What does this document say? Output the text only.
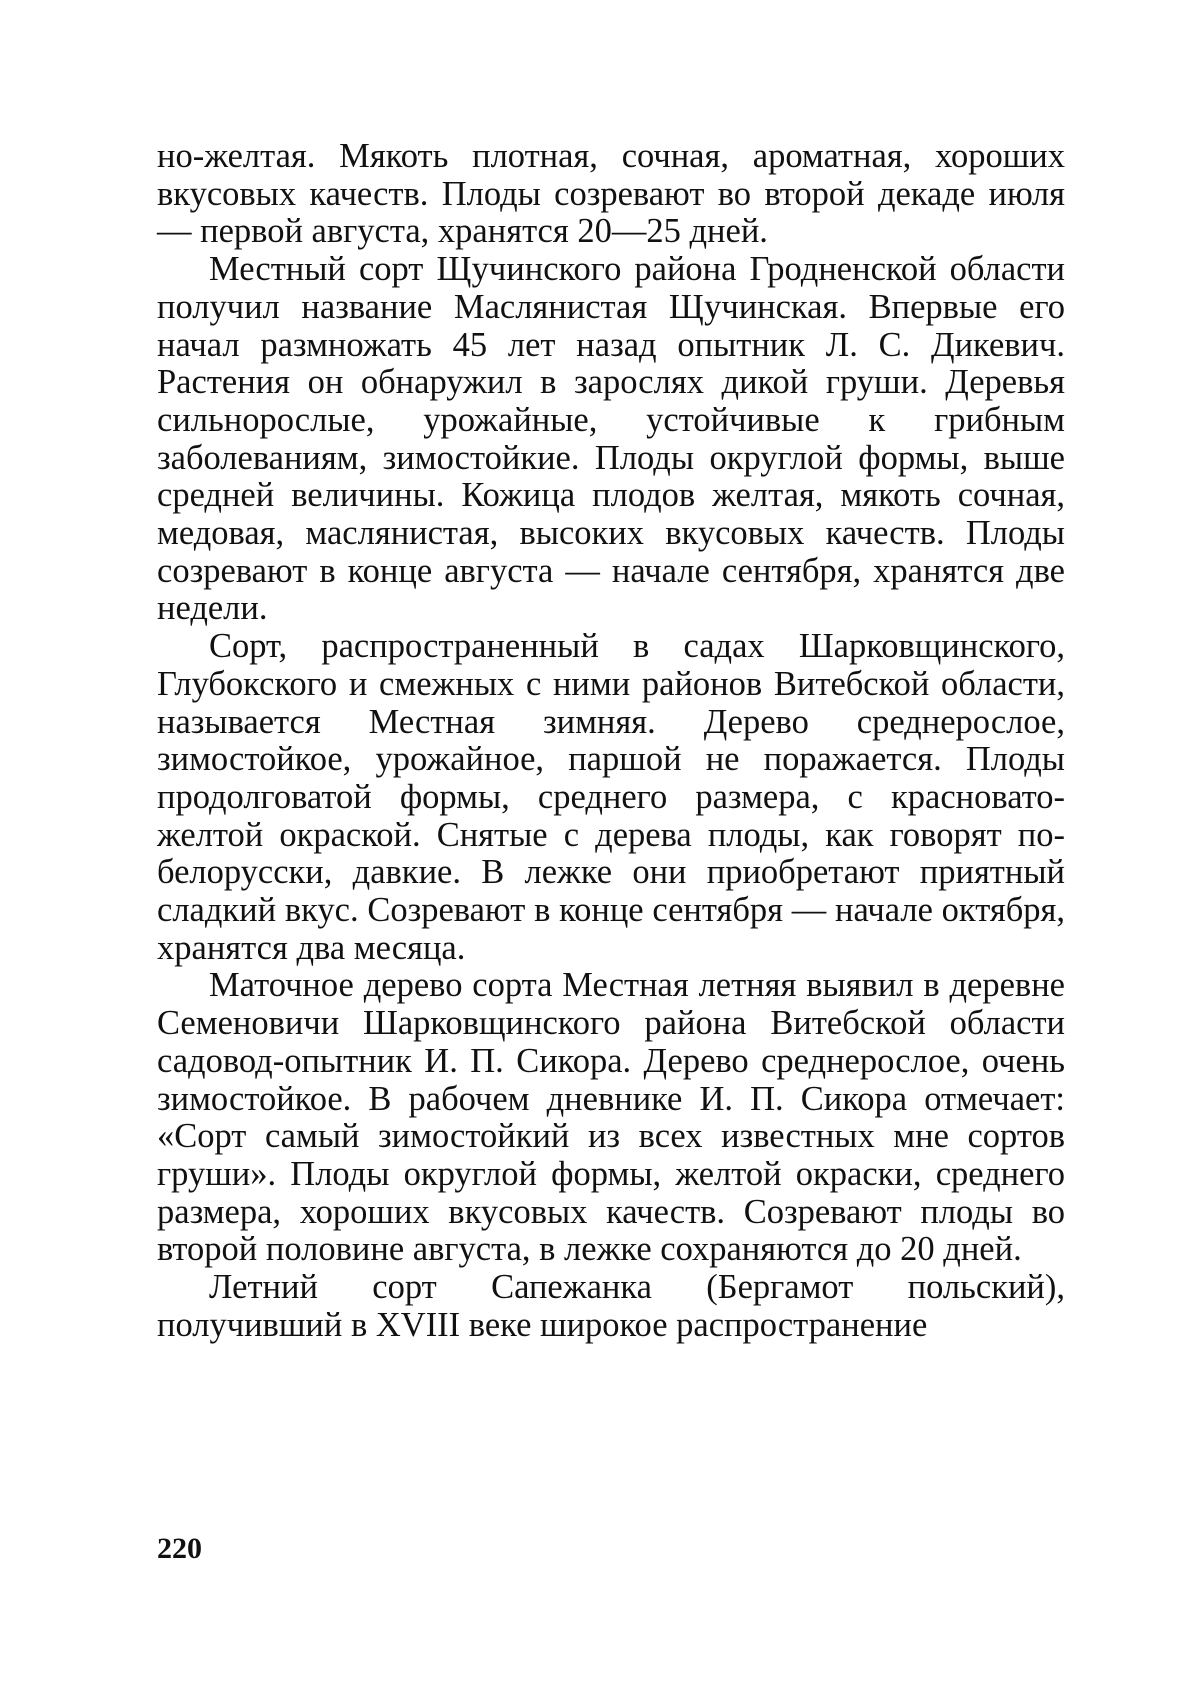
но-желтая. Мякоть плотная, сочная, ароматная, хороших вкусовых качеств. Плоды созревают во второй декаде июля — первой августа, хранятся 20—25 дней.

Местный сорт Щучинского района Гродненской области получил название Маслянистая Щучинская. Впервые его начал размножать 45 лет назад опытник Л. С. Дикевич. Растения он обнаружил в зарослях дикой груши. Деревья сильнорослые, урожайные, устойчивые к грибным заболеваниям, зимостойкие. Плоды округлой формы, выше средней величины. Кожица плодов желтая, мякоть сочная, медовая, маслянистая, высоких вкусовых качеств. Плоды созревают в конце августа — начале сентября, хранятся две недели.

Сорт, распространенный в садах Шарковщинского, Глубокского и смежных с ними районов Витебской области, называется Местная зимняя. Дерево среднерослое, зимостойкое, урожайное, паршой не поражается. Плоды продолговатой формы, среднего размера, с красновато-желтой окраской. Снятые с дерева плоды, как говорят по-белорусски, давкие. В лежке они приобретают приятный сладкий вкус. Созревают в конце сентября — начале октября, хранятся два месяца.

Маточное дерево сорта Местная летняя выявил в деревне Семеновичи Шарковщинского района Витебской области садовод-опытник И. П. Сикора. Дерево среднерослое, очень зимостойкое. В рабочем дневнике И. П. Сикора отмечает: «Сорт самый зимостойкий из всех известных мне сортов груши». Плоды округлой формы, желтой окраски, среднего размера, хороших вкусовых качеств. Созревают плоды во второй половине августа, в лежке сохраняются до 20 дней.

Летний сорт Сапежанка (Бергамот польский), получивший в XVIII веке широкое распространение

220
